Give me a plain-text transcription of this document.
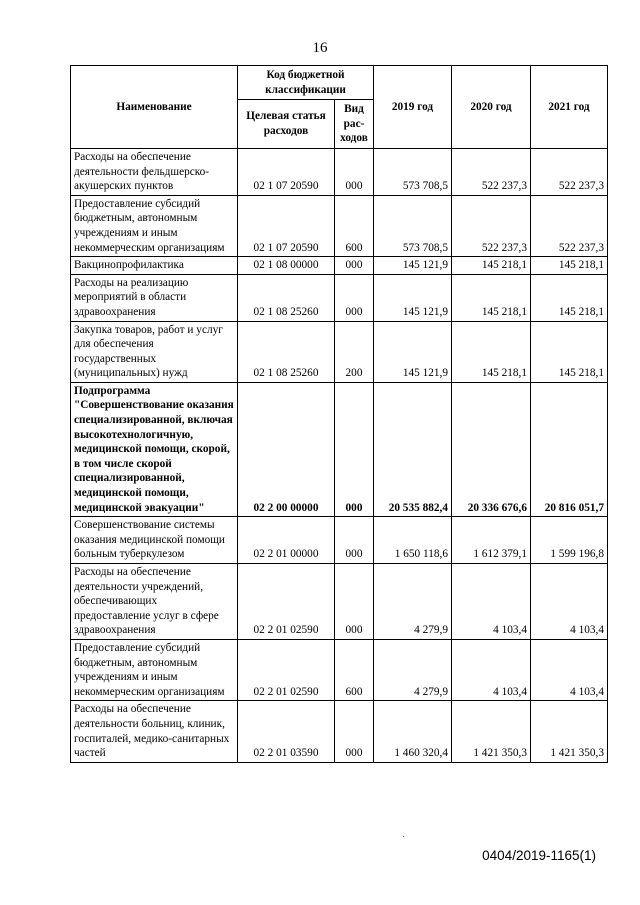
16
Наименование	Код бюджетной классификации		2019 год	2020 год	2021 год
	Целевая статья расходов	Вид рас-ходов			
Расходы на обеспечение деятельности фельдшерско-акушерских пунктов	02 1 07 20590	000	573 708,5	522 237,3	522 237,3
Предоставление субсидий бюджетным, автономным учреждениям и иным некоммерческим организациям	02 1 07 20590	600	573 708,5	522 237,3	522 237,3
Вакцинопрофилактика	02 1 08 00000	000	145 121,9	145 218,1	145 218,1
Расходы на реализацию мероприятий в области здравоохранения	02 1 08 25260	000	145 121,9	145 218,1	145 218,1
Закупка товаров, работ и услуг для обеспечения государственных (муниципальных) нужд	02 1 08 25260	200	145 121,9	145 218,1	145 218,1
Подпрограмма "Совершенствование оказания специализированной, включая высокотехнологичную, медицинской помощи, скорой, в том числе скорой специализированной, медицинской помощи, медицинской эвакуации"	02 2 00 00000	000	20 535 882,4	20 336 676,6	20 816 051,7
Совершенствование системы оказания медицинской помощи больным туберкулезом	02 2 01 00000	000	1 650 118,6	1 612 379,1	1 599 196,8
Расходы на обеспечение деятельности учреждений, обеспечивающих предоставление услуг в сфере здравоохранения	02 2 01 02590	000	4 279,9	4 103,4	4 103,4
Предоставление субсидий бюджетным, автономным учреждениям и иным некоммерческим организациям	02 2 01 02590	600	4 279,9	4 103,4	4 103,4
Расходы на обеспечение деятельности больниц, клиник, госпиталей, медико-санитарных частей	02 2 01 03590	000	1 460 320,4	1 421 350,3	1 421 350,3
0404/2019-1165(1)
·
